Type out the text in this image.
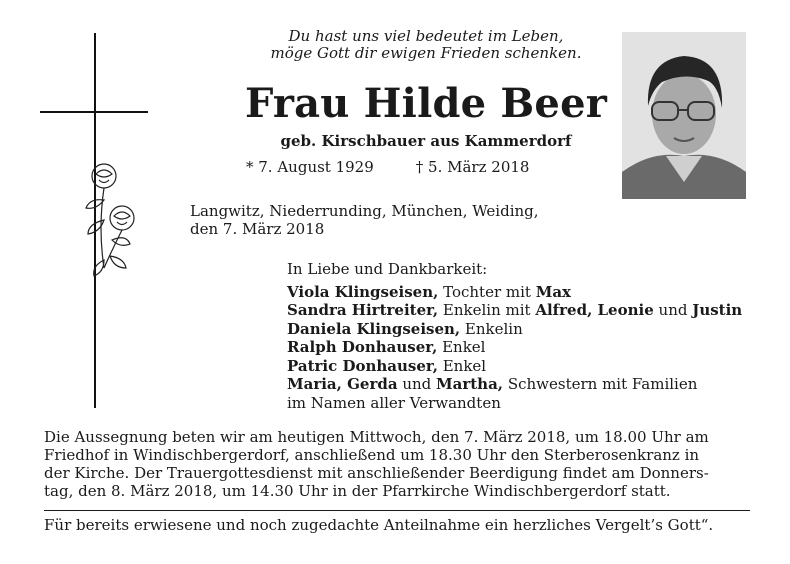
Du hast uns viel bedeutet im Leben,
möge Gott dir ewigen Frieden schenken.
Frau Hilde Beer
geb. Kirschbauer aus Kammerdorf
* 7. August 1929	† 5. März 2018
Langwitz, Niederrunding, München, Weiding,
den 7. März 2018
In Liebe und Dankbarkeit:
Viola Klingseisen, Tochter mit Max
Sandra Hirtreiter, Enkelin mit Alfred, Leonie und Justin
Daniela Klingseisen, Enkelin
Ralph Donhauser, Enkel
Patric Donhauser, Enkel
Maria, Gerda und Martha, Schwestern mit Familien
im Namen aller Verwandten
Die Aussegnung beten wir am heutigen Mittwoch, den 7. März 2018, um 18.00 Uhr am
Friedhof in Windischbergerdorf, anschließend um 18.30 Uhr den Sterberosenkranz in
der Kirche. Der Trauergottesdienst mit anschließender Beerdigung findet am Donners-
tag, den 8. März 2018, um 14.30 Uhr in der Pfarrkirche Windischbergerdorf statt.
Für bereits erwiesene und noch zugedachte Anteilnahme ein herzliches Vergelt’s Gott“.
